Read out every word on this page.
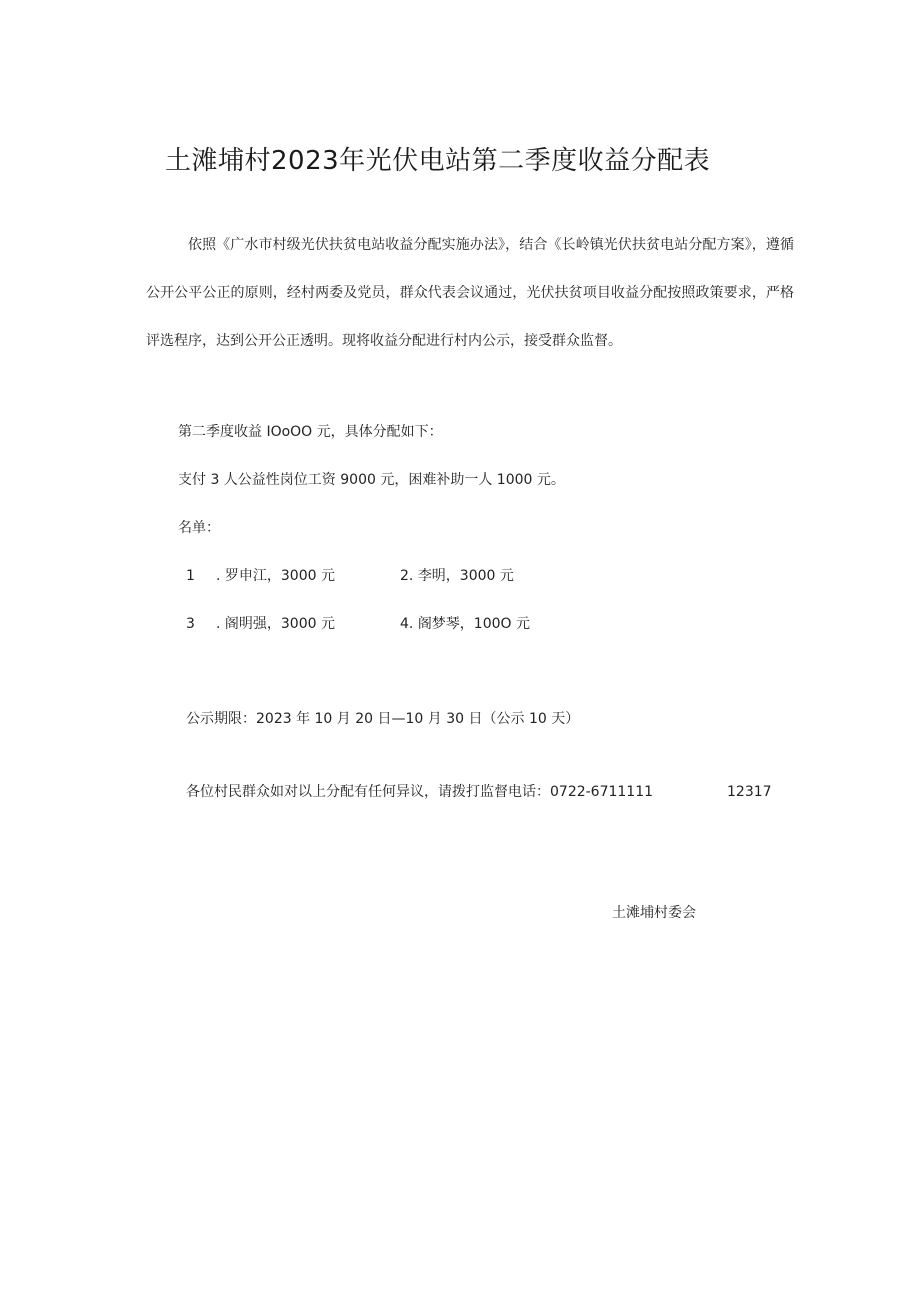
土滩埔村2023年光伏电站第二季度收益分配表

依照《广水市村级光伏扶贫电站收益分配实施办法》，结合《长岭镇光伏扶贫电站分配方案》，遵循公开公平公正的原则，经村两委及党员，群众代表会议通过，光伏扶贫项目收益分配按照政策要求，严格评选程序，达到公开公正透明。现将收益分配进行村内公示，接受群众监督。

第二季度收益 IOoOO 元，具体分配如下：
支付 3 人公益性岗位工资 9000 元，困难补助一人 1000 元。
名单：
1 . 罗申江，3000 元	2. 李明，3000 元
3 . 阁明强，3000 元	4. 阁梦琴，100O 元
公示期限：2023 年 10 月 20 日—10 月 30 日（公示 10 天）
各位村民群众如对以上分配有任何异议，请拨打监督电话：0722-6711111	12317
土滩埔村委会
